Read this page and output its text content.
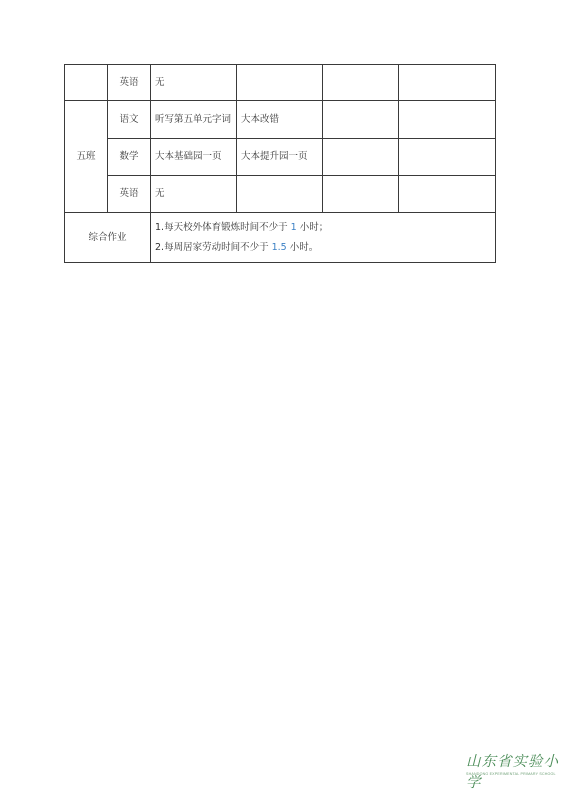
	英语	无			
五班	语文	听写第五单元字词	大本改错		
	数学	大本基础园一页	大本提升园一页		
	英语	无			
综合作业		1.每天校外体育锻炼时间不少于 1 小时；
2.每周居家劳动时间不少于 1.5 小时。			
山东省实验小学
SHANDONG EXPERIMENTAL PRIMARY SCHOOL
